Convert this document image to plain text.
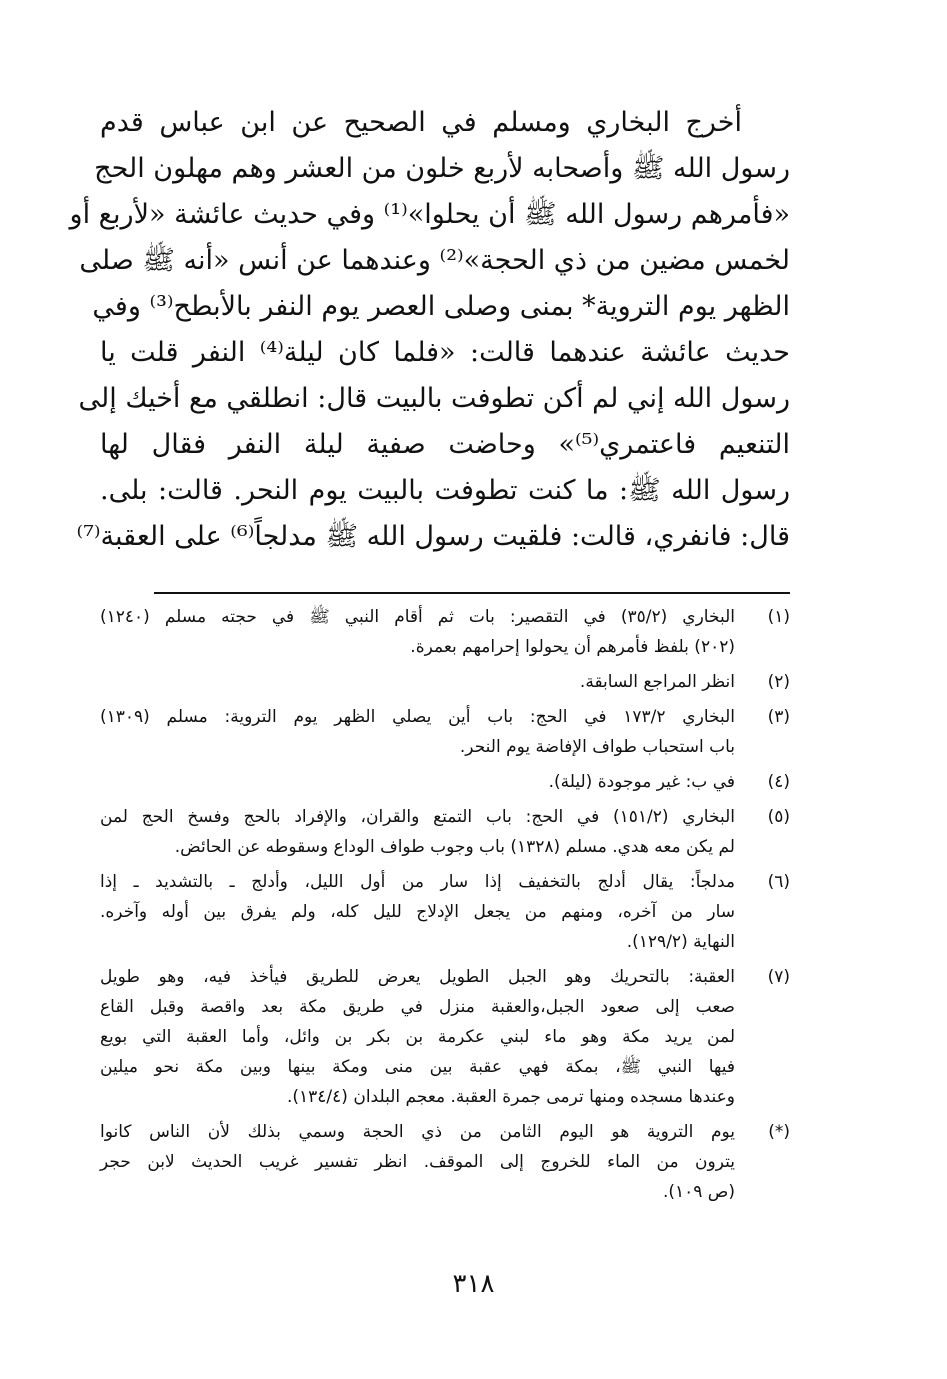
أخرج البخاري ومسلم في الصحيح عن ابن عباس قدم
رسول الله ﷺ وأصحابه لأربع خلون من العشر وهم مهلون الحج
«فأمرهم رسول الله ﷺ أن يحلوا»⁽¹⁾ وفي حديث عائشة «لأربع أو
لخمس مضين من ذي الحجة»⁽²⁾ وعندهما عن أنس «أنه ﷺ صلى
الظهر يوم التروية* بمنى وصلى العصر يوم النفر بالأبطح⁽³⁾ وفي
حديث عائشة عندهما قالت: «فلما كان ليلة⁽⁴⁾ النفر قلت يا
رسول الله إني لم أكن تطوفت بالبيت قال: انطلقي مع أخيك إلى
التنعيم فاعتمري⁽⁵⁾» وحاضت صفية ليلة النفر فقال لها
رسول الله ﷺ: ما كنت تطوفت بالبيت يوم النحر. قالت: بلى.
قال: فانفري، قالت: فلقيت رسول الله ﷺ مدلجاً⁽⁶⁾ على العقبة⁽⁷⁾
(١)
البخاري (٣٥/٢) في التقصير: بات ثم أقام النبي ﷺ في حجته مسلم (١٢٤٠)
(٢٠٢) بلفظ فأمرهم أن يحولوا إحرامهم بعمرة.
(٢)
انظر المراجع السابقة.
(٣)
البخاري ١٧٣/٢ في الحج: باب أين يصلي الظهر يوم التروية: مسلم (١٣٠٩)
باب استحباب طواف الإفاضة يوم النحر.
(٤)
في ب: غير موجودة (ليلة).
(٥)
البخاري (١٥١/٢) في الحج: باب التمتع والقران، والإفراد بالحج وفسخ الحج لمن
لم يكن معه هدي. مسلم (١٣٢٨) باب وجوب طواف الوداع وسقوطه عن الحائض.
(٦)
مدلجاً: يقال أدلج بالتخفيف إذا سار من أول الليل، وأدلج ـ بالتشديد ـ إذا
سار من آخره، ومنهم من يجعل الإدلاج لليل كله، ولم يفرق بين أوله وآخره.
النهاية (١٢٩/٢).
(٧)
العقبة: بالتحريك وهو الجبل الطويل يعرض للطريق فيأخذ فيه، وهو طويل
صعب إلى صعود الجبل،والعقبة منزل في طريق مكة بعد واقصة وقبل القاع
لمن يريد مكة وهو ماء لبني عكرمة بن بكر بن وائل، وأما العقبة التي بويع
فيها النبي ﷺ، بمكة فهي عقبة بين منى ومكة بينها وبين مكة نحو ميلين
وعندها مسجده ومنها ترمى جمرة العقبة. معجم البلدان (١٣٤/٤).
(*)
يوم التروية هو اليوم الثامن من ذي الحجة وسمي بذلك لأن الناس كانوا
يترون من الماء للخروج إلى الموقف. انظر تفسير غريب الحديث لابن حجر
(ص ١٠٩).
٣١٨
